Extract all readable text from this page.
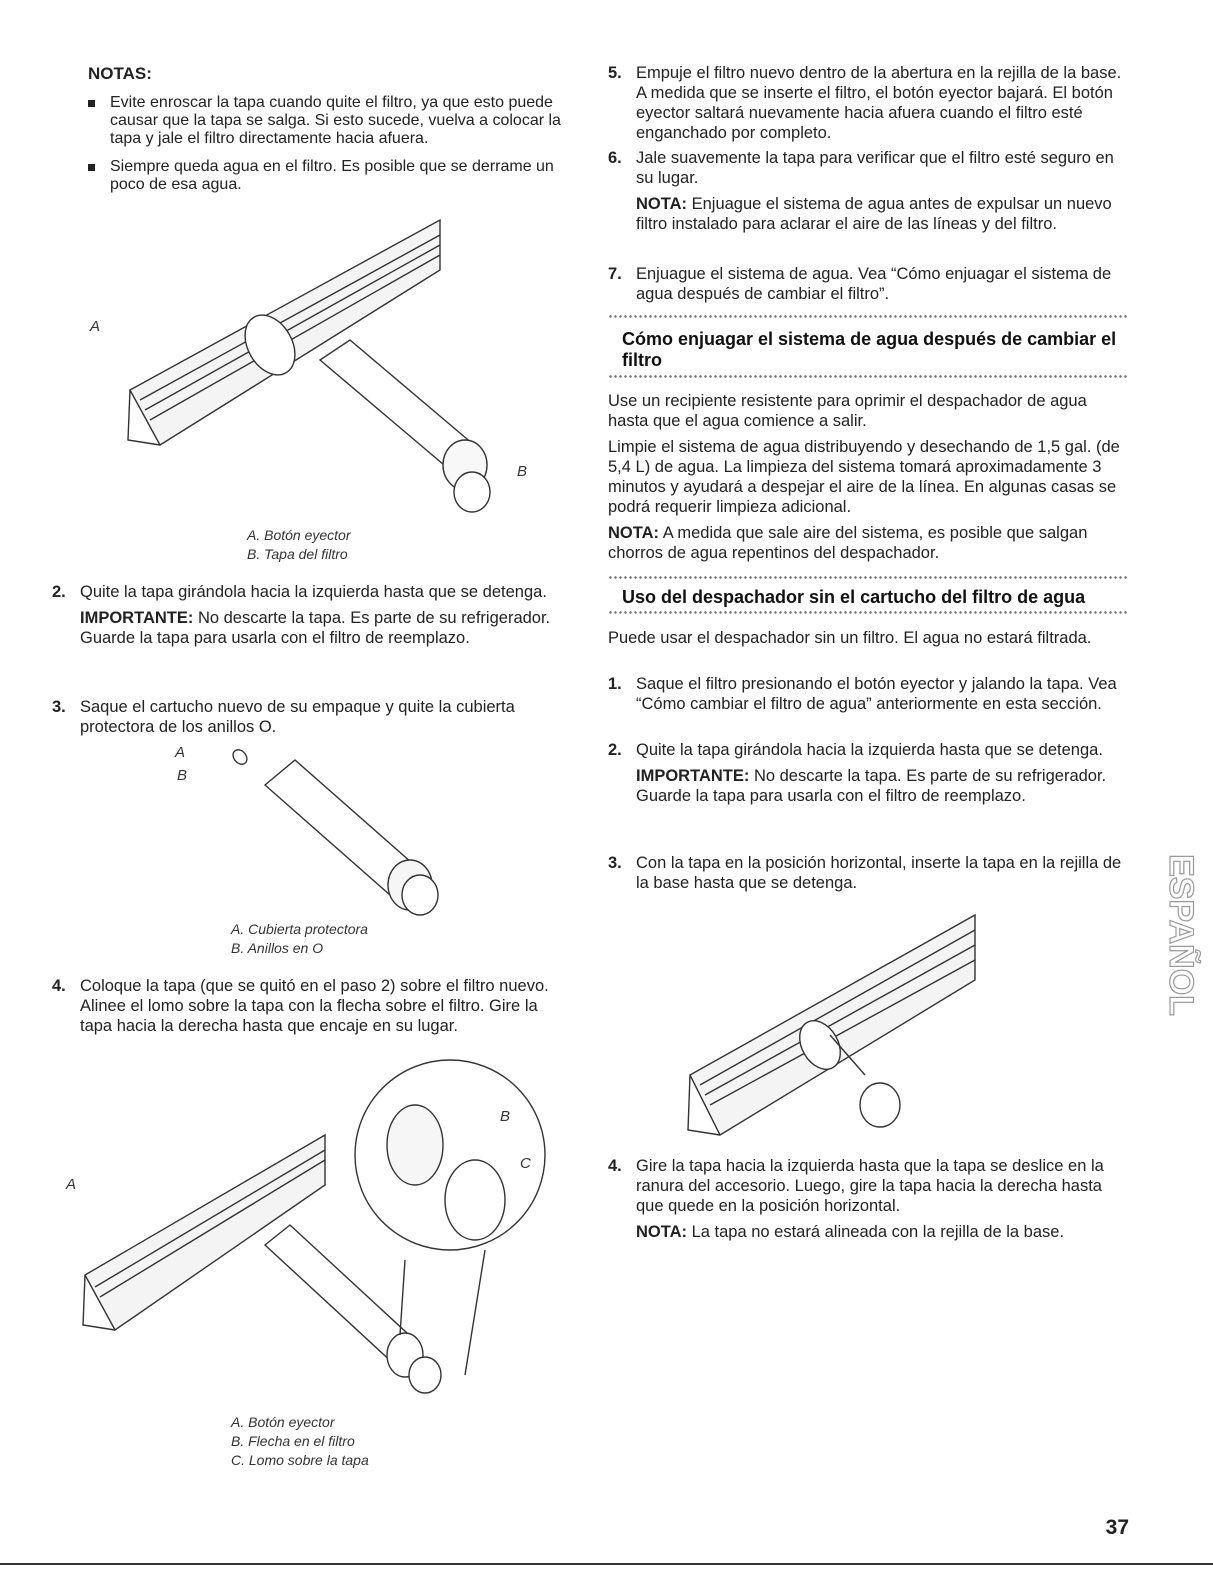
NOTAS:
Evite enroscar la tapa cuando quite el filtro, ya que esto puede causar que la tapa se salga. Si esto sucede, vuelva a colocar la tapa y jale el filtro directamente hacia afuera.
Siempre queda agua en el filtro. Es posible que se derrame un poco de esa agua.
A
B
A. Botón eyector
B. Tapa del filtro
2. Quite la tapa girándola hacia la izquierda hasta que se detenga.
IMPORTANTE: No descarte la tapa. Es parte de su refrigerador. Guarde la tapa para usarla con el filtro de reemplazo.
3. Saque el cartucho nuevo de su empaque y quite la cubierta protectora de los anillos O.
A
B
A. Cubierta protectora
B. Anillos en O
4. Coloque la tapa (que se quitó en el paso 2) sobre el filtro nuevo. Alinee el lomo sobre la tapa con la flecha sobre el filtro. Gire la tapa hacia la derecha hasta que encaje en su lugar.
A
B
C
A. Botón eyector
B. Flecha en el filtro
C. Lomo sobre la tapa
5. Empuje el filtro nuevo dentro de la abertura en la rejilla de la base. A medida que se inserte el filtro, el botón eyector bajará. El botón eyector saltará nuevamente hacia afuera cuando el filtro esté enganchado por completo.
6. Jale suavemente la tapa para verificar que el filtro esté seguro en su lugar.
NOTA: Enjuague el sistema de agua antes de expulsar un nuevo filtro instalado para aclarar el aire de las líneas y del filtro.
7. Enjuague el sistema de agua. Vea “Cómo enjuagar el sistema de agua después de cambiar el filtro”.
Cómo enjuagar el sistema de agua después de cambiar el filtro

Use un recipiente resistente para oprimir el despachador de agua hasta que el agua comience a salir.

Limpie el sistema de agua distribuyendo y desechando de 1,5 gal. (de 5,4 L) de agua. La limpieza del sistema tomará aproximadamente 3 minutos y ayudará a despejar el aire de la línea. En algunas casas se podrá requerir limpieza adicional.

NOTA: A medida que sale aire del sistema, es posible que salgan chorros de agua repentinos del despachador.

Uso del despachador sin el cartucho del filtro de agua
Puede usar el despachador sin un filtro. El agua no estará filtrada.
1. Saque el filtro presionando el botón eyector y jalando la tapa. Vea “Cómo cambiar el filtro de agua” anteriormente en esta sección.
2. Quite la tapa girándola hacia la izquierda hasta que se detenga.
IMPORTANTE: No descarte la tapa. Es parte de su refrigerador. Guarde la tapa para usarla con el filtro de reemplazo.
3. Con la tapa en la posición horizontal, inserte la tapa en la rejilla de la base hasta que se detenga.
4. Gire la tapa hacia la izquierda hasta que la tapa se deslice en la ranura del accesorio. Luego, gire la tapa hacia la derecha hasta que quede en la posición horizontal.
NOTA: La tapa no estará alineada con la rejilla de la base.
ESPAÑOL
37
